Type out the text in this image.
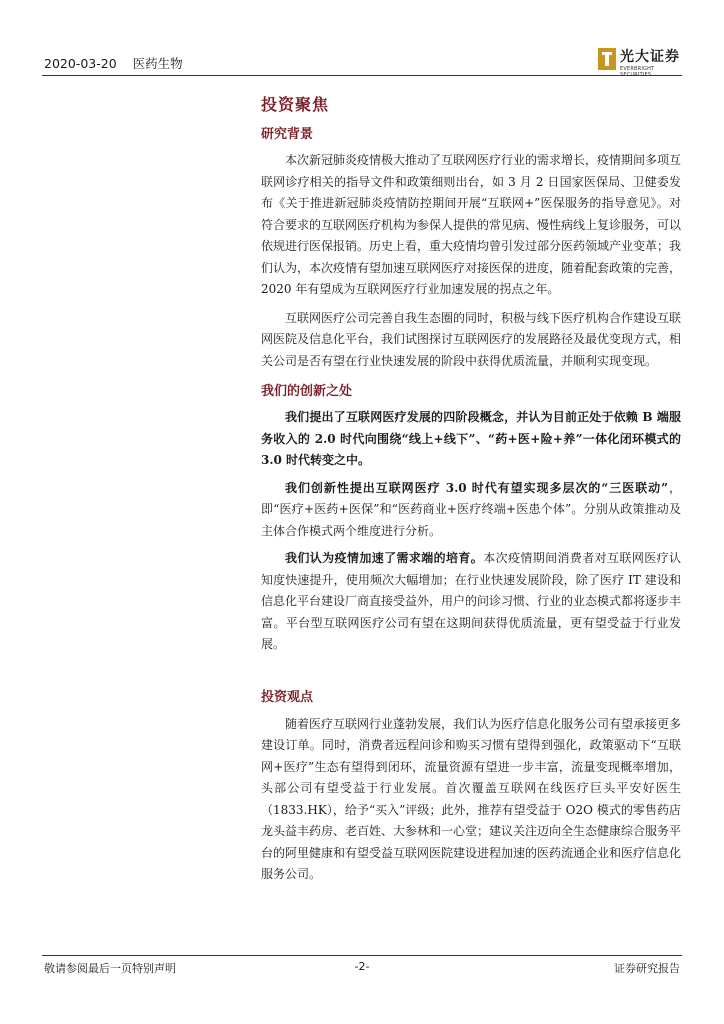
2020-03-20 医药生物	光大证券
EVERBRIGHT SECURITIES
投资聚焦
研究背景

本次新冠肺炎疫情极大推动了互联网医疗行业的需求增长，疫情期间多项互联网诊疗相关的指导文件和政策细则出台，如 3 月 2 日国家医保局、卫健委发布《关于推进新冠肺炎疫情防控期间开展“互联网+”医保服务的指导意见》。对符合要求的互联网医疗机构为参保人提供的常见病、慢性病线上复诊服务，可以依规进行医保报销。历史上看，重大疫情均曾引发过部分医药领域产业变革；我们认为，本次疫情有望加速互联网医疗对接医保的进度，随着配套政策的完善，2020 年有望成为互联网医疗行业加速发展的拐点之年。

互联网医疗公司完善自我生态圈的同时，积极与线下医疗机构合作建设互联网医院及信息化平台，我们试图探讨互联网医疗的发展路径及最优变现方式，相关公司是否有望在行业快速发展的阶段中获得优质流量，并顺利实现变现。

我们的创新之处

我们提出了互联网医疗发展的四阶段概念，并认为目前正处于依赖 B 端服务收入的 2.0 时代向围绕“线上+线下”、“药+医+险+养”一体化闭环模式的 3.0 时代转变之中。

我们创新性提出互联网医疗 3.0 时代有望实现多层次的“三医联动”，即“医疗+医药+医保”和“医药商业+医疗终端+医患个体”。分别从政策推动及主体合作模式两个维度进行分析。

我们认为疫情加速了需求端的培育。本次疫情期间消费者对互联网医疗认知度快速提升，使用频次大幅增加；在行业快速发展阶段，除了医疗 IT 建设和信息化平台建设厂商直接受益外，用户的问诊习惯、行业的业态模式都将逐步丰富。平台型互联网医疗公司有望在这期间获得优质流量，更有望受益于行业发展。

投资观点

随着医疗互联网行业蓬勃发展，我们认为医疗信息化服务公司有望承接更多建设订单。同时，消费者远程问诊和购买习惯有望得到强化，政策驱动下“互联网+医疗”生态有望得到闭环，流量资源有望进一步丰富，流量变现概率增加，头部公司有望受益于行业发展。首次覆盖互联网在线医疗巨头平安好医生（1833.HK），给予“买入”评级；此外，推荐有望受益于 O2O 模式的零售药店龙头益丰药房、老百姓、大参林和一心堂；建议关注迈向全生态健康综合服务平台的阿里健康和有望受益互联网医院建设进程加速的医药流通企业和医疗信息化服务公司。

敬请参阅最后一页特别声明	-2-	证券研究报告
